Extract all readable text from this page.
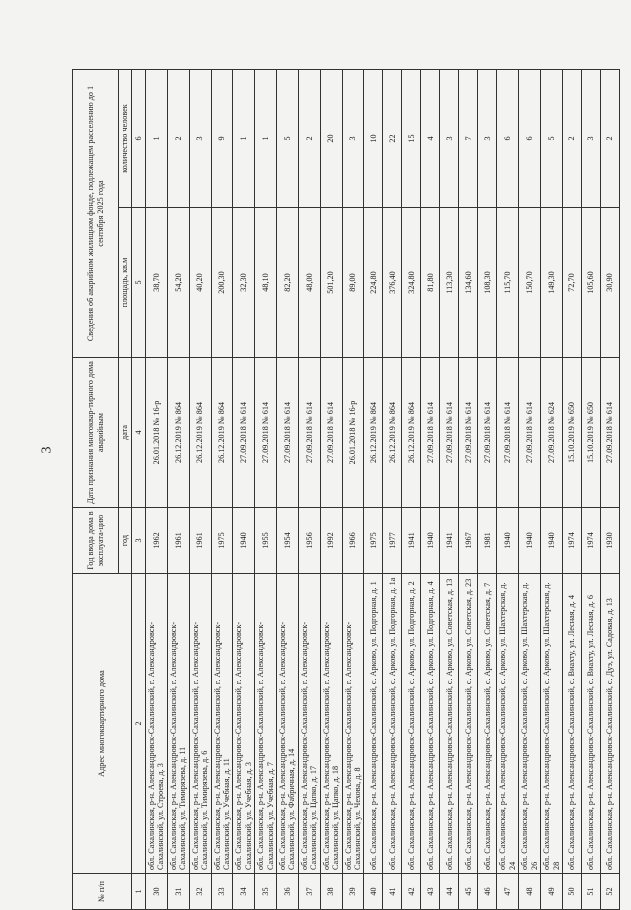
3
№ п/п	Адрес многоквартирного дома	Год ввода дома в эксплуата-цию	Дата признания многоквар-тирного дома аварийным	Сведения об аварийном жилищном фонде, подлежащем расселению до 1 сентября 2025 года	
		год	дата	площадь, кв.м	количество человек
1	2	3	4	5	6
30	обл. Сахалинская, р-н. Александровск-Сахалинский, г. Александровск-Сахалинский, ул. Строева, д. 3	1962	26.01.2018 № 16-р	38,70	1
31	обл. Сахалинская, р-н. Александровск-Сахалинский, г. Александровск-Сахалинский, ул. Тимирязева, д. 11	1961	26.12.2019 № 864	54,20	2
32	обл. Сахалинская, р-н. Александровск-Сахалинский, г. Александровск-Сахалинский, ул. Тимирязева, д. 6	1961	26.12.2019 № 864	40,20	3
33	обл. Сахалинская, р-н. Александровск-Сахалинский, г. Александровск-Сахалинский, ул. Учебная, д. 11	1975	26.12.2019 № 864	200,30	9
34	обл. Сахалинская, р-н. Александровск-Сахалинский, г. Александровск-Сахалинский, ул. Учебная, д. 3	1940	27.09.2018 № 614	32,30	1
35	обл. Сахалинская, р-н. Александровск-Сахалинский, г. Александровск-Сахалинский, ул. Учебная, д. 7	1955	27.09.2018 № 614	48,10	1
36	обл. Сахалинская, р-н. Александровск-Сахалинский, г. Александровск-Сахалинский, ул. Фабричная, д. 14	1954	27.09.2018 № 614	82,20	5
37	обл. Сахалинская, р-н. Александровск-Сахалинский, г. Александровск-Сахалинский, ул. Цапко, д. 17	1956	27.09.2018 № 614	48,00	2
38	обл. Сахалинская, р-н. Александровск-Сахалинский, г. Александровск-Сахалинский, ул. Цапко, д. 18	1992	27.09.2018 № 614	501,20	20
39	обл. Сахалинская, р-н. Александровск-Сахалинский, г. Александровск-Сахалинский, ул. Чехова, д. 8	1966	26.01.2018 № 16-р	89,00	3
40	обл. Сахалинская, р-н. Александровск-Сахалинский, с. Арково, ул. Подгорная, д. 1	1975	26.12.2019 № 864	224,80	10
41	обл. Сахалинская, р-н. Александровск-Сахалинский, с. Арково, ул. Подгорная, д. 1а	1977	26.12.2019 № 864	376,40	22
42	обл. Сахалинская, р-н. Александровск-Сахалинский, с. Арково, ул. Подгорная, д. 2	1941	26.12.2019 № 864	324,80	15
43	обл. Сахалинская, р-н. Александровск-Сахалинский, с. Арково, ул. Подгорная, д. 4	1940	27.09.2018 № 614	81,80	4
44	обл. Сахалинская, р-н. Александровск-Сахалинский, с. Арково, ул. Советская, д. 13	1941	27.09.2018 № 614	113,30	3
45	обл. Сахалинская, р-н. Александровск-Сахалинский, с. Арково, ул. Советская, д. 23	1967	27.09.2018 № 614	134,60	7
46	обл. Сахалинская, р-н. Александровск-Сахалинский, с. Арково, ул. Советская, д. 7	1981	27.09.2018 № 614	108,30	3
47	обл. Сахалинская, р-н. Александровск-Сахалинский, с. Арково, ул. Шахтерская, д. 24	1940	27.09.2018 № 614	115,70	6
48	обл. Сахалинская, р-н. Александровск-Сахалинский, с. Арково, ул. Шахтерская, д. 26	1940	27.09.2018 № 614	150,70	6
49	обл. Сахалинская, р-н. Александровск-Сахалинский, с. Арково, ул. Шахтерская, д. 28	1940	27.09.2018 № 624	149,30	5
50	обл. Сахалинская, р-н. Александровск-Сахалинский, с. Виахту, ул. Лесная, д. 4	1974	15.10.2019 № 650	72,70	2
51	обл. Сахалинская, р-н. Александровск-Сахалинский, с. Виахту, ул. Лесная, д. 6	1974	15.10.2019 № 650	105,60	3
52	обл. Сахалинская, р-н. Александровск-Сахалинский, с. Дуэ, ул. Садовая, д. 13	1930	27.09.2018 № 614	30,90	2
